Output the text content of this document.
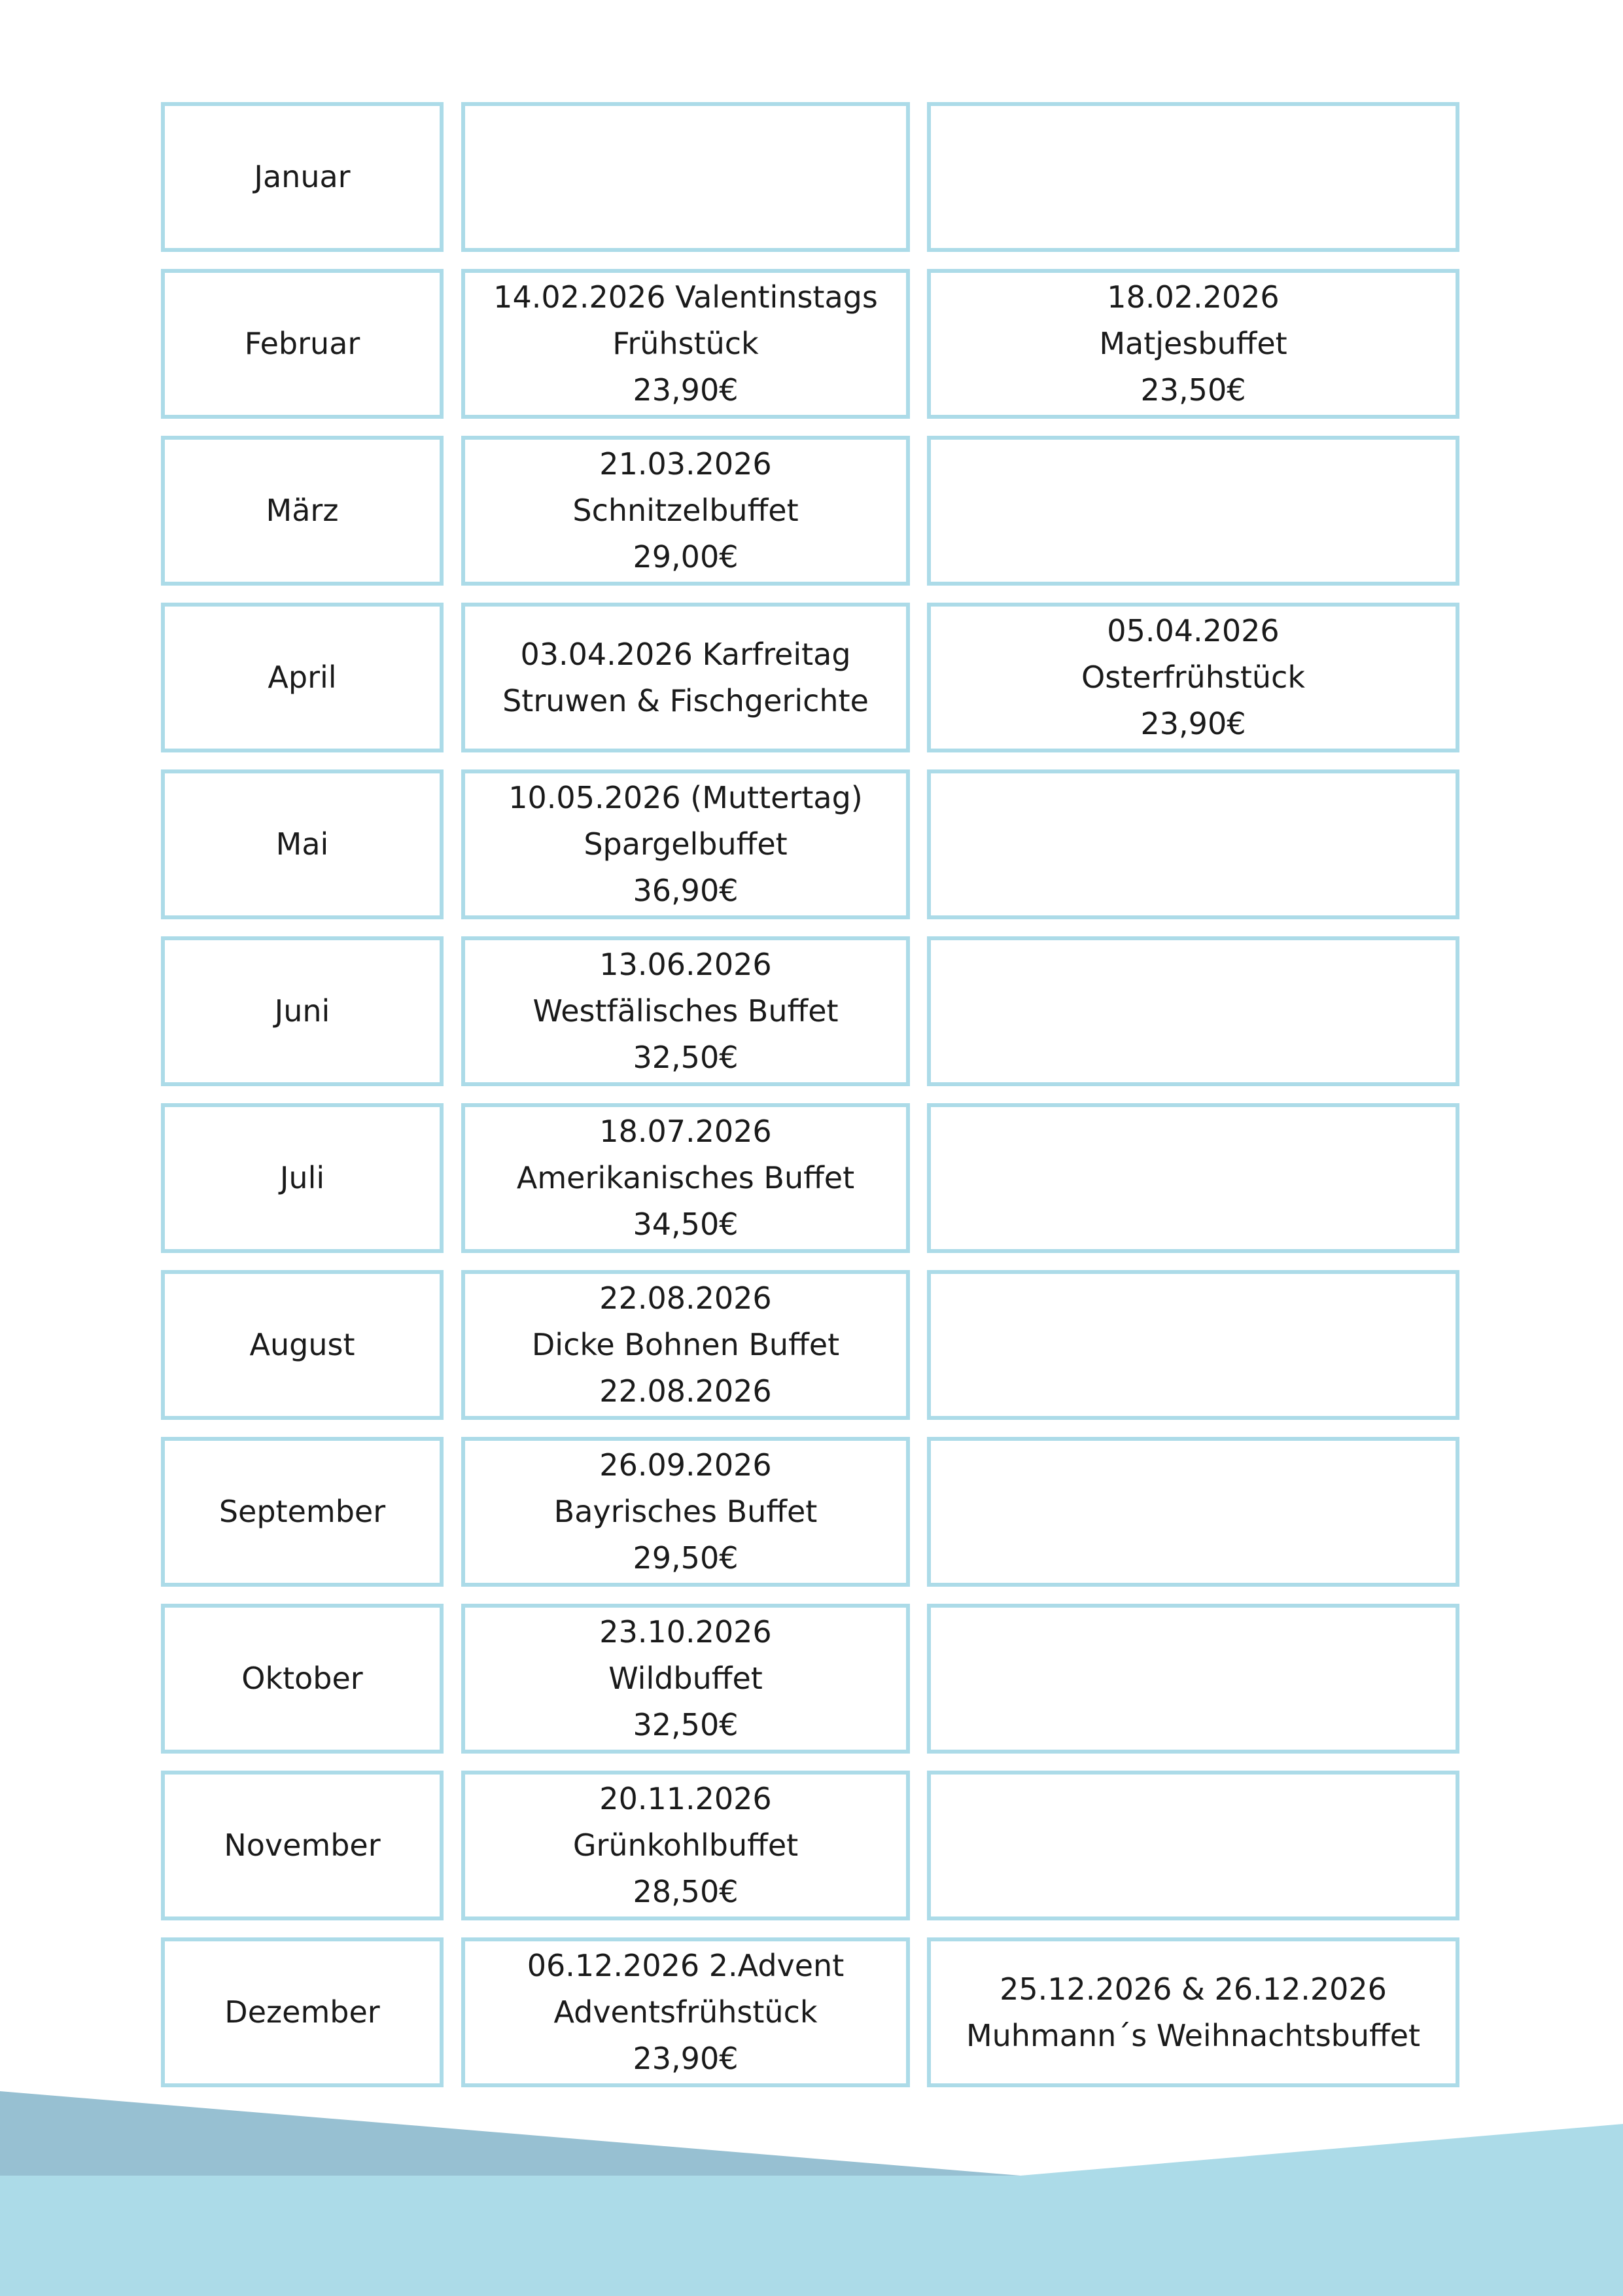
Januar
Februar
14.02.2026 Valentinstags
Frühstück
23,90€
18.02.2026
Matjesbuffet
23,50€
März
21.03.2026
Schnitzelbuffet
29,00€
April
03.04.2026 Karfreitag
Struwen & Fischgerichte
05.04.2026
Osterfrühstück
23,90€
Mai
10.05.2026 (Muttertag)
Spargelbuffet
36,90€
Juni
13.06.2026
Westfälisches Buffet
32,50€
Juli
18.07.2026
Amerikanisches Buffet
34,50€
August
22.08.2026
Dicke Bohnen Buffet
22.08.2026
September
26.09.2026
Bayrisches Buffet
29,50€
Oktober
23.10.2026
Wildbuffet
32,50€
November
20.11.2026
Grünkohlbuffet
28,50€
Dezember
06.12.2026 2.Advent
Adventsfrühstück
23,90€
25.12.2026 & 26.12.2026
Muhmann´s Weihnachtsbuffet
